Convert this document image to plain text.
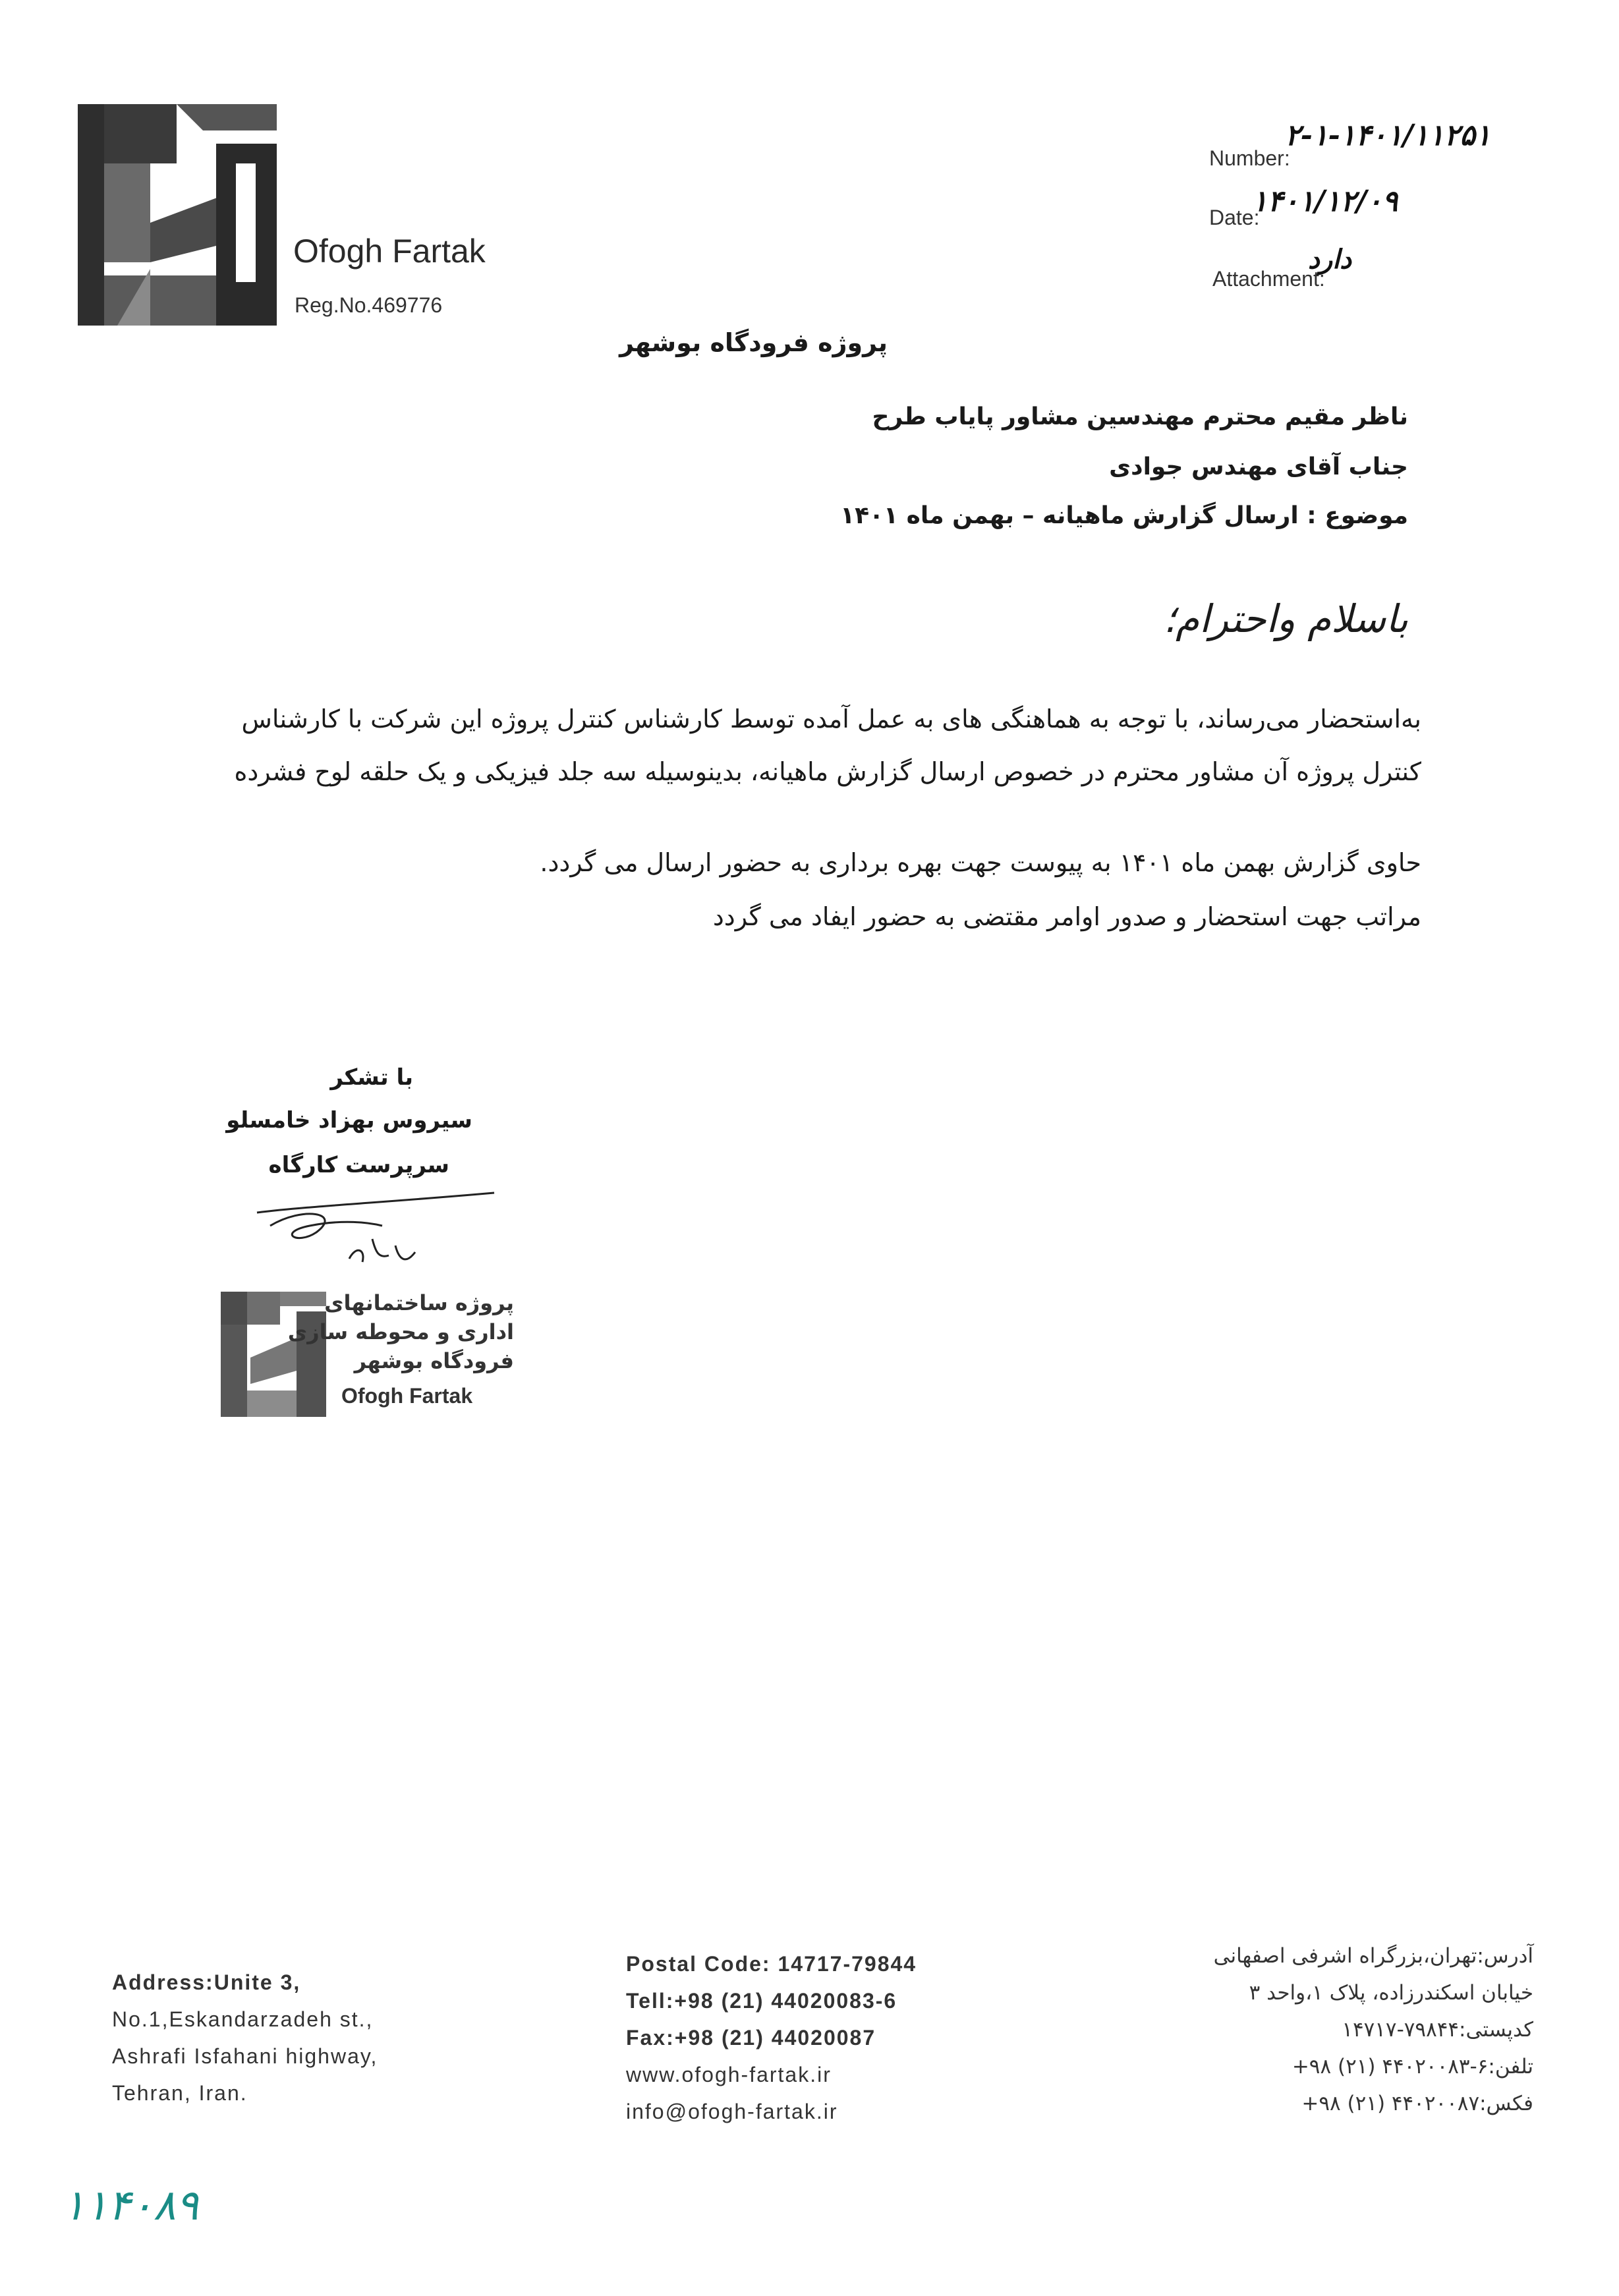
Ofogh Fartak
Reg.No.469776
Number:
۲-۱-۱۴۰۱/۱۱۲۵۱
Date:
۱۴۰۱/۱۲/۰۹
Attachment:
دارد
پروژه فرودگاه بوشهر
ناظر مقیم محترم مهندسین مشاور پایاب طرح
جناب آقای مهندس جوادی
موضوع : ارسال گزارش ماهیانه – بهمن ماه ۱۴۰۱
باسلام واحترام؛
به‌استحضار می‌رساند، با توجه به هماهنگی های به عمل آمده توسط کارشناس کنترل پروژه این شرکت با کارشناس
کنترل پروژه آن مشاور محترم در خصوص ارسال گزارش ماهیانه، بدینوسیله سه جلد فیزیکی و یک حلقه لوح فشرده
حاوی گزارش بهمن ماه ۱۴۰۱ به پیوست جهت بهره برداری به حضور ارسال می گردد.
مراتب جهت استحضار و صدور اوامر مقتضی به حضور ایفاد می گردد
با تشکر
سیروس بهزاد خامسلو
سرپرست کارگاه
پروژه ساختمانهای
اداری و محوطه سازی
فرودگاه بوشهر
Ofogh Fartak
Address:Unite 3,
No.1,Eskandarzadeh st.,
Ashrafi Isfahani highway,
Tehran, Iran.
Postal Code: 14717-79844
Tell:+98 (21) 44020083-6
Fax:+98 (21) 44020087
www.ofogh-fartak.ir
info@ofogh-fartak.ir
آدرس:تهران،بزرگراه اشرفی اصفهانی
خیابان اسکندرزاده، پلاک ۱،واحد ۳
کدپستی:۷۹۸۴۴-۱۴۷۱۷
تلفن:۶-۴۴۰۲۰۰۸۳ (۲۱) ۹۸+
فکس:۴۴۰۲۰۰۸۷ (۲۱) ۹۸+
۱۱۴۰۸۹
